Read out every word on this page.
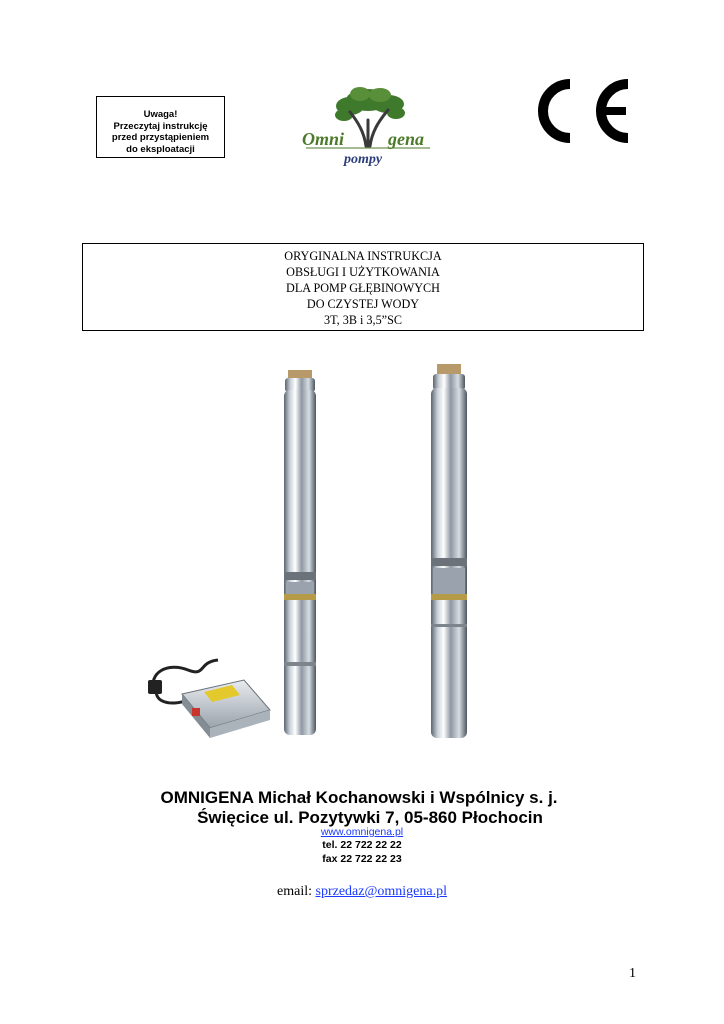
Uwaga!
Przeczytaj instrukcję
przed przystąpieniem
do eksploatacji	Omni gena
pompy
ORYGINALNA INSTRUKCJA
OBSŁUGI I UŻYTKOWANIA
DLA POMP GŁĘBINOWYCH
DO CZYSTEJ WODY
3T, 3B i 3,5”SC
OMNIGENA Michał Kochanowski i Wspólnicy s. j.
Święcice ul. Pozytywki 7, 05-860 Płochocin
www.omnigena.pl
tel. 22 722 22 22
fax 22 722 22 23
email: sprzedaz@omnigena.pl
1
